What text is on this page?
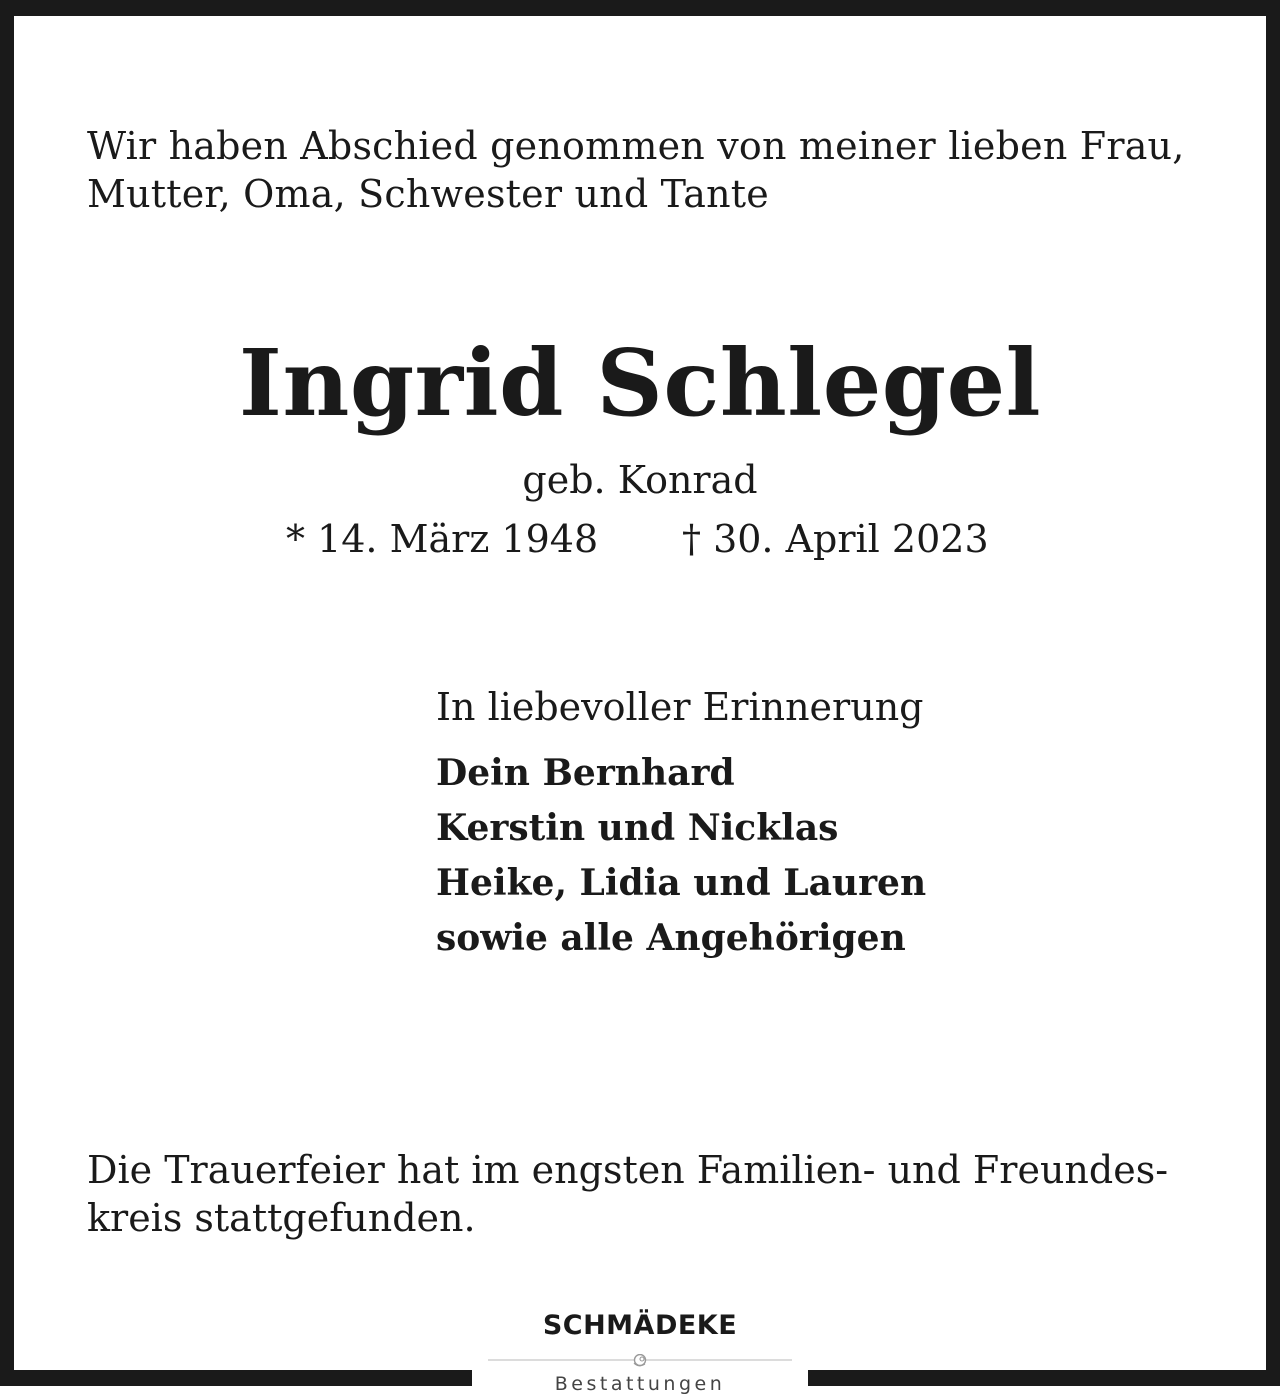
Wir haben Abschied genommen von meiner lieben Frau,
Mutter, Oma, Schwester und Tante

Ingrid Schlegel
geb. Konrad
* 14. März 1948 † 30. April 2023
In liebevoller Erinnerung
Dein Bernhard
Kerstin und Nicklas
Heike, Lidia und Lauren
sowie alle Angehörigen

Die Trauerfeier hat im engsten Familien- und Freundes-
kreis stattgefunden.

SCHMÄDEKE
Bestattungen
